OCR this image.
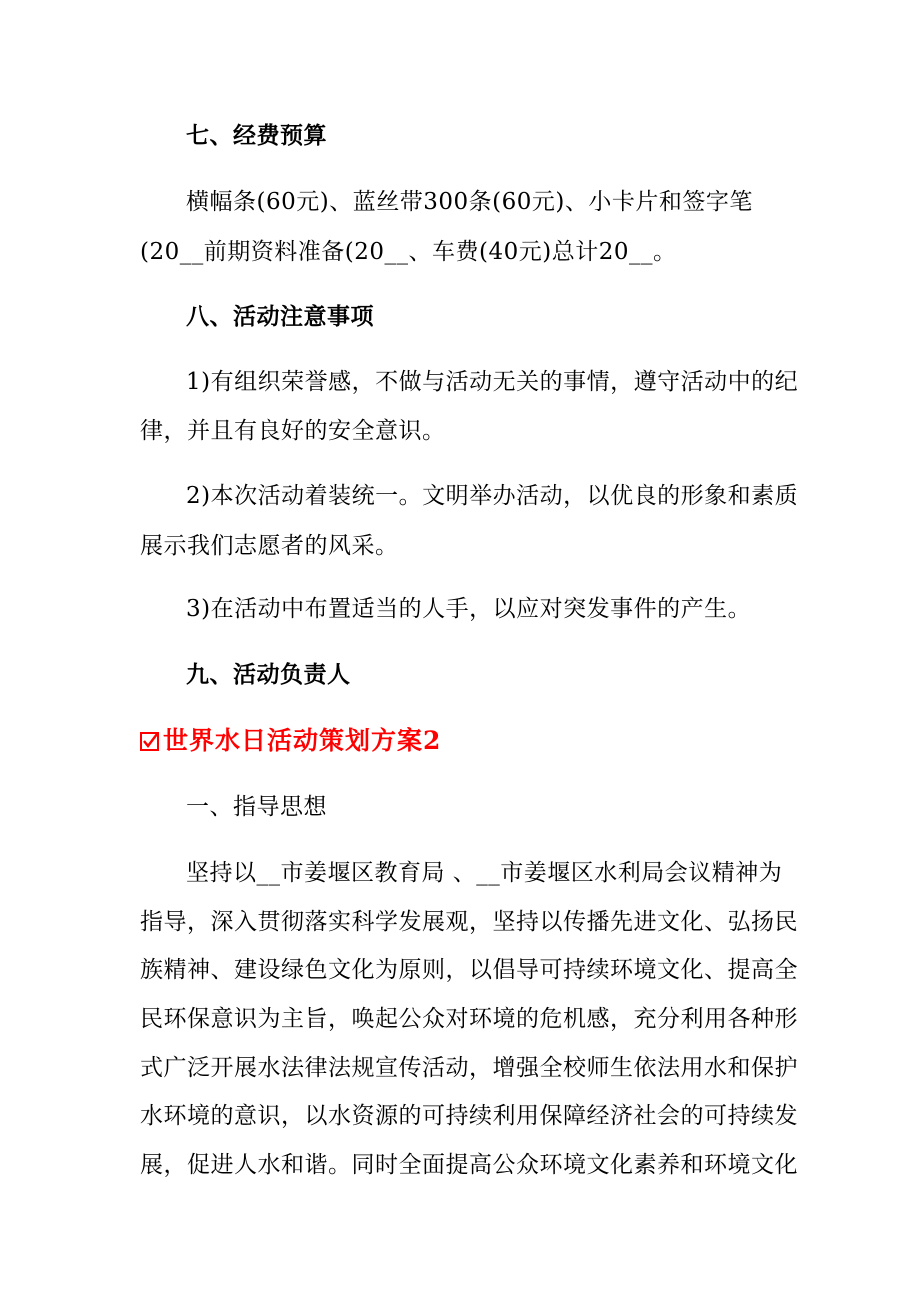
七、经费预算
横幅条(60元)、蓝丝带300条(60元)、小卡片和签字笔
(20__前期资料准备(20__、车费(40元)总计20__。
八、活动注意事项
1)有组织荣誉感，不做与活动无关的事情，遵守活动中的纪
律，并且有良好的安全意识。
2)本次活动着装统一。文明举办活动，以优良的形象和素质
展示我们志愿者的风采。
3)在活动中布置适当的人手，以应对突发事件的产生。
九、活动负责人
世界水日活动策划方案2
一、指导思想
坚持以__市姜堰区教育局 、__市姜堰区水利局会议精神为
指导，深入贯彻落实科学发展观，坚持以传播先进文化、弘扬民
族精神、建设绿色文化为原则，以倡导可持续环境文化、提高全
民环保意识为主旨，唤起公众对环境的危机感，充分利用各种形
式广泛开展水法律法规宣传活动，增强全校师生依法用水和保护
水环境的意识，以水资源的可持续利用保障经济社会的可持续发
展，促进人水和谐。同时全面提高公众环境文化素养和环境文化
